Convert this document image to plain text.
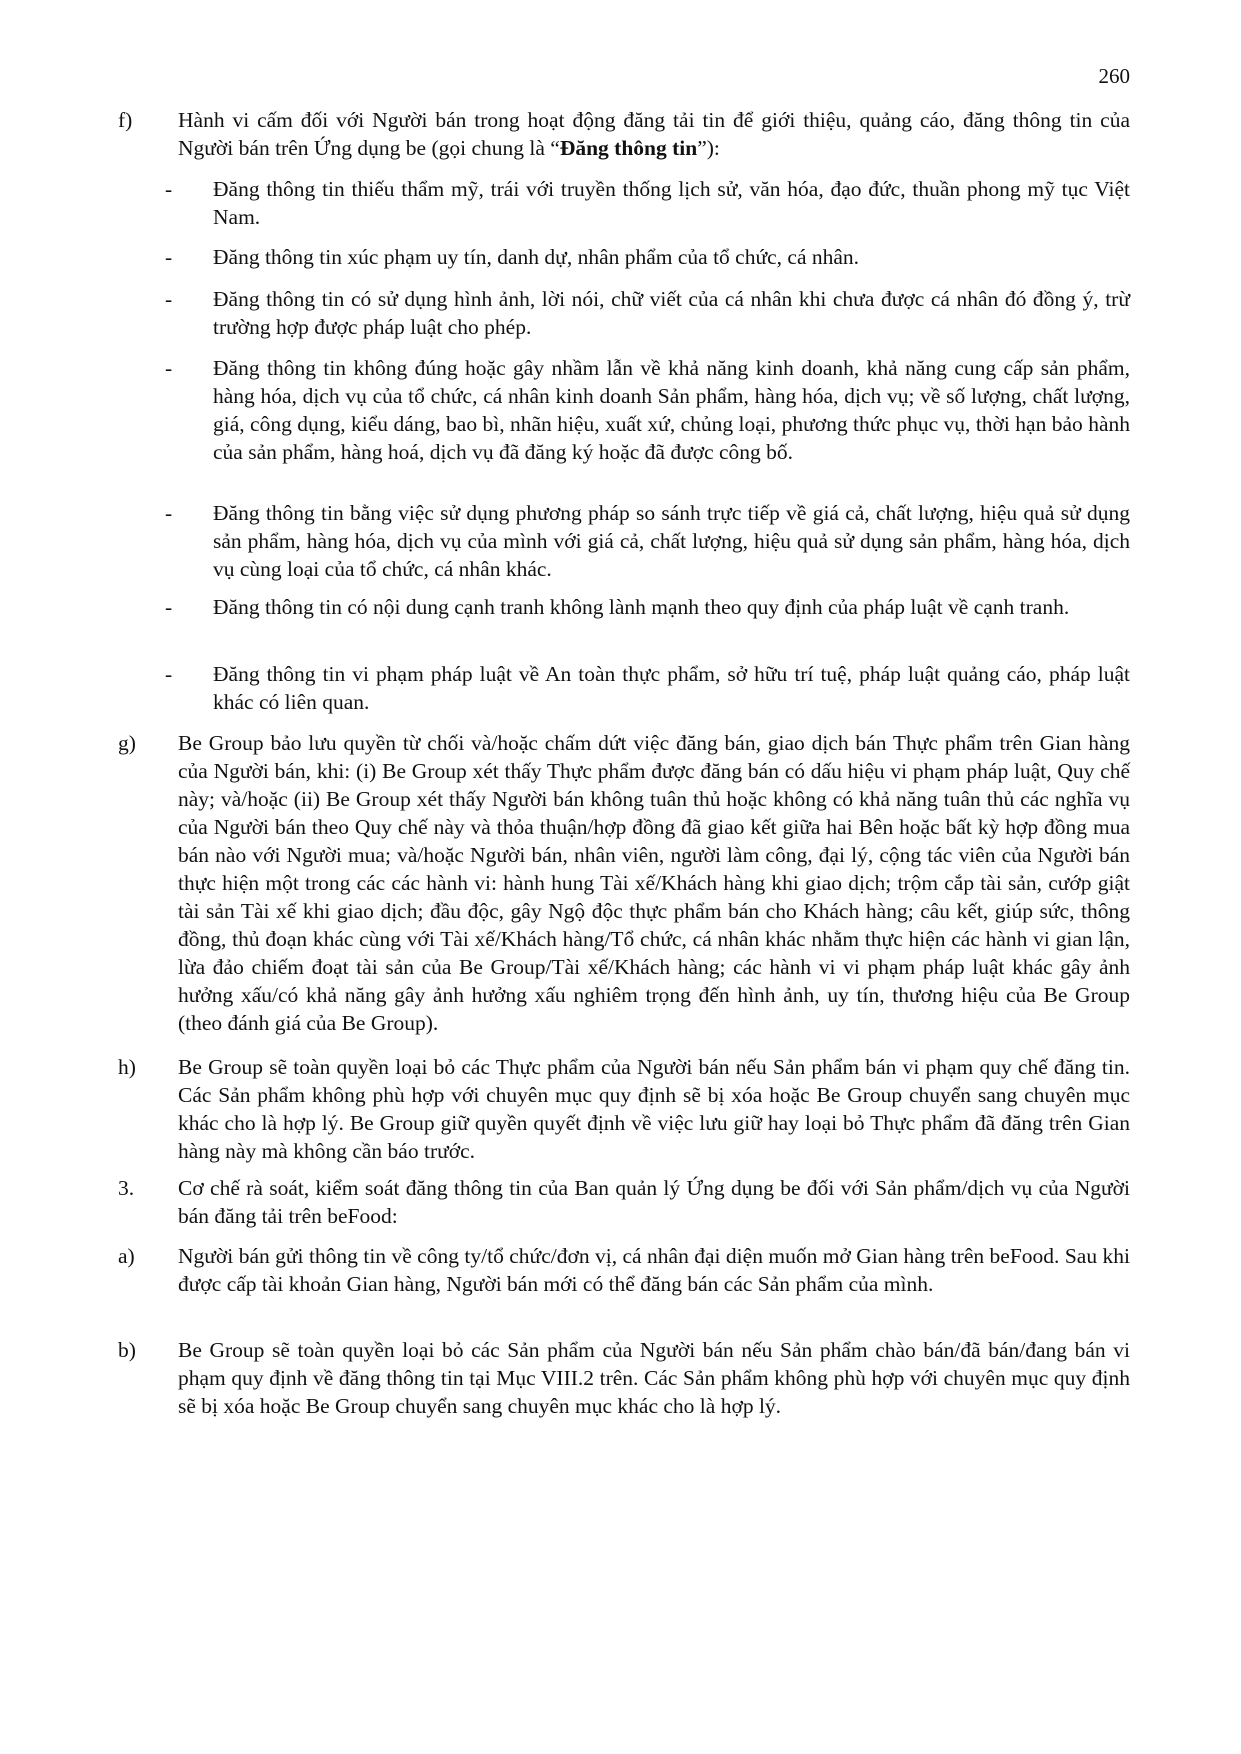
260
f) Hành vi cấm đối với Người bán trong hoạt động đăng tải tin để giới thiệu, quảng cáo, đăng thông tin của Người bán trên Ứng dụng be (gọi chung là “Đăng thông tin”):
- Đăng thông tin thiếu thẩm mỹ, trái với truyền thống lịch sử, văn hóa, đạo đức, thuần phong mỹ tục Việt Nam.
- Đăng thông tin xúc phạm uy tín, danh dự, nhân phẩm của tổ chức, cá nhân.
- Đăng thông tin có sử dụng hình ảnh, lời nói, chữ viết của cá nhân khi chưa được cá nhân đó đồng ý, trừ trường hợp được pháp luật cho phép.
- Đăng thông tin không đúng hoặc gây nhầm lẫn về khả năng kinh doanh, khả năng cung cấp sản phẩm, hàng hóa, dịch vụ của tổ chức, cá nhân kinh doanh Sản phẩm, hàng hóa, dịch vụ; về số lượng, chất lượng, giá, công dụng, kiểu dáng, bao bì, nhãn hiệu, xuất xứ, chủng loại, phương thức phục vụ, thời hạn bảo hành của sản phẩm, hàng hoá, dịch vụ đã đăng ký hoặc đã được công bố.
- Đăng thông tin bằng việc sử dụng phương pháp so sánh trực tiếp về giá cả, chất lượng, hiệu quả sử dụng sản phẩm, hàng hóa, dịch vụ của mình với giá cả, chất lượng, hiệu quả sử dụng sản phẩm, hàng hóa, dịch vụ cùng loại của tổ chức, cá nhân khác.
- Đăng thông tin có nội dung cạnh tranh không lành mạnh theo quy định của pháp luật về cạnh tranh.
- Đăng thông tin vi phạm pháp luật về An toàn thực phẩm, sở hữu trí tuệ, pháp luật quảng cáo, pháp luật khác có liên quan.
g) Be Group bảo lưu quyền từ chối và/hoặc chấm dứt việc đăng bán, giao dịch bán Thực phẩm trên Gian hàng của Người bán, khi: (i) Be Group xét thấy Thực phẩm được đăng bán có dấu hiệu vi phạm pháp luật, Quy chế này; và/hoặc (ii) Be Group xét thấy Người bán không tuân thủ hoặc không có khả năng tuân thủ các nghĩa vụ của Người bán theo Quy chế này và thỏa thuận/hợp đồng đã giao kết giữa hai Bên hoặc bất kỳ hợp đồng mua bán nào với Người mua; và/hoặc Người bán, nhân viên, người làm công, đại lý, cộng tác viên của Người bán thực hiện một trong các các hành vi: hành hung Tài xế/Khách hàng khi giao dịch; trộm cắp tài sản, cướp giật tài sản Tài xế khi giao dịch; đầu độc, gây Ngộ độc thực phẩm bán cho Khách hàng; câu kết, giúp sức, thông đồng, thủ đoạn khác cùng với Tài xế/Khách hàng/Tổ chức, cá nhân khác nhằm thực hiện các hành vi gian lận, lừa đảo chiếm đoạt tài sản của Be Group/Tài xế/Khách hàng; các hành vi vi phạm pháp luật khác gây ảnh hưởng xấu/có khả năng gây ảnh hưởng xấu nghiêm trọng đến hình ảnh, uy tín, thương hiệu của Be Group (theo đánh giá của Be Group).
h) Be Group sẽ toàn quyền loại bỏ các Thực phẩm của Người bán nếu Sản phẩm bán vi phạm quy chế đăng tin. Các Sản phẩm không phù hợp với chuyên mục quy định sẽ bị xóa hoặc Be Group chuyển sang chuyên mục khác cho là hợp lý. Be Group giữ quyền quyết định về việc lưu giữ hay loại bỏ Thực phẩm đã đăng trên Gian hàng này mà không cần báo trước.
3. Cơ chế rà soát, kiểm soát đăng thông tin của Ban quản lý Ứng dụng be đối với Sản phẩm/dịch vụ của Người bán đăng tải trên beFood:
a) Người bán gửi thông tin về công ty/tổ chức/đơn vị, cá nhân đại diện muốn mở Gian hàng trên beFood. Sau khi được cấp tài khoản Gian hàng, Người bán mới có thể đăng bán các Sản phẩm của mình.
b) Be Group sẽ toàn quyền loại bỏ các Sản phẩm của Người bán nếu Sản phẩm chào bán/đã bán/đang bán vi phạm quy định về đăng thông tin tại Mục VIII.2 trên. Các Sản phẩm không phù hợp với chuyên mục quy định sẽ bị xóa hoặc Be Group chuyển sang chuyên mục khác cho là hợp lý.
